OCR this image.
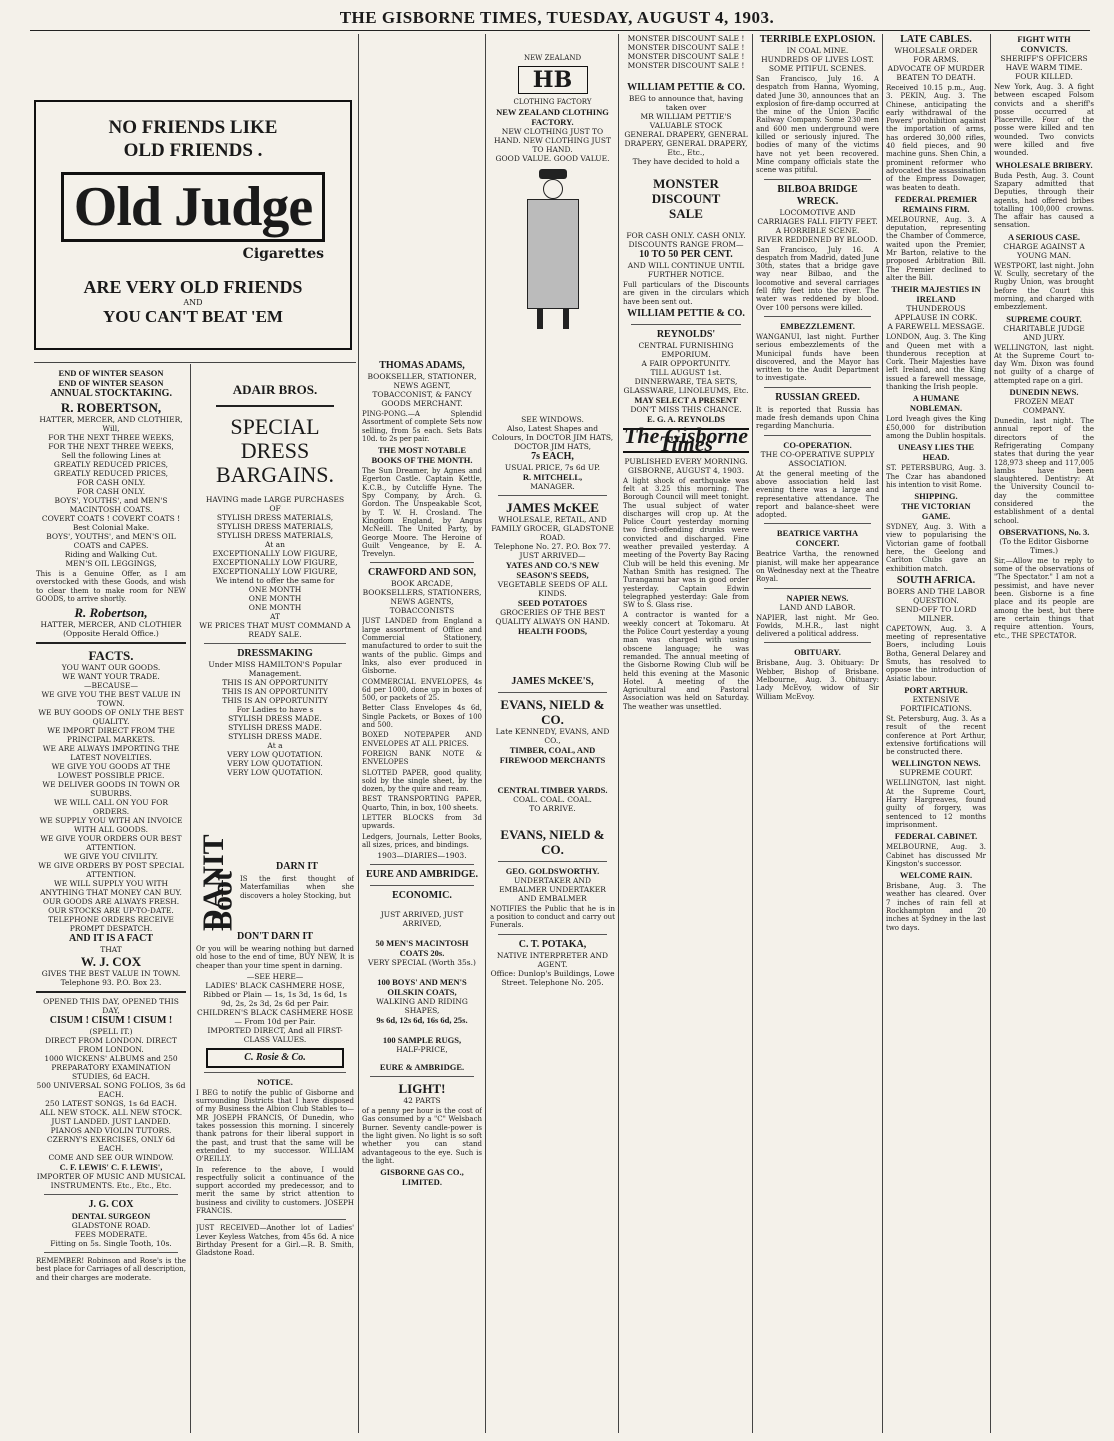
THE GISBORNE TIMES, TUESDAY, AUGUST 4, 1903.
NO FRIENDS LIKE
OLD FRIENDS .
Old Judge
Cigarettes
ARE VERY OLD FRIENDS
AND
YOU CAN'T BEAT 'EM
END OF WINTER SEASON
END OF WINTER SEASON
ANNUAL STOCKTAKING.
R. ROBERTSON,

HATTER, MERCER, AND CLOTHIER,

Will,

FOR THE NEXT THREE WEEKS,

FOR THE NEXT THREE WEEKS,

Sell the following Lines at

GREATLY REDUCED PRICES,

GREATLY REDUCED PRICES,

FOR CASH ONLY.

FOR CASH ONLY.

BOYS', YOUTHS', and MEN'S MACINTOSH COATS.

COVERT COATS ! COVERT COATS !

Best Colonial Make.

BOYS', YOUTHS', and MEN'S OIL COATS and CAPES.

Riding and Walking Cut.

MEN'S OIL LEGGINGS,

This is a Genuine Offer, as I am overstocked with these Goods, and wish to clear them to make room for NEW GOODS, to arrive shortly.

R. Robertson,

HATTER, MERCER, AND CLOTHIER

(Opposite Herald Office.)

FACTS.

YOU WANT OUR GOODS.

WE WANT YOUR TRADE.

—BECAUSE—

WE GIVE YOU THE BEST VALUE IN TOWN.

WE BUY GOODS OF ONLY THE BEST QUALITY.

WE IMPORT DIRECT FROM THE PRINCIPAL MARKETS.

WE ARE ALWAYS IMPORTING THE LATEST NOVELTIES.

WE GIVE YOU GOODS AT THE LOWEST POSSIBLE PRICE.

WE DELIVER GOODS IN TOWN OR SUBURBS.

WE WILL CALL ON YOU FOR ORDERS.

WE SUPPLY YOU WITH AN INVOICE WITH ALL GOODS.

WE GIVE YOUR ORDERS OUR BEST ATTENTION.

WE GIVE YOU CIVILITY.

WE GIVE ORDERS BY POST SPECIAL ATTENTION.

WE WILL SUPPLY YOU WITH ANYTHING THAT MONEY CAN BUY.

OUR GOODS ARE ALWAYS FRESH.

OUR STOCKS ARE UP-TO-DATE.

TELEPHONE ORDERS RECEIVE PROMPT DESPATCH.

AND IT IS A FACT

THAT

W. J. COX

GIVES THE BEST VALUE IN TOWN.

Telephone 93. P.O. Box 23.

OPENED THIS DAY, OPENED THIS DAY,

CISUM ! CISUM ! CISUM !

(SPELL IT.)

DIRECT FROM LONDON. DIRECT FROM LONDON.

1000 WICKENS' ALBUMS and 250 PREPARATORY EXAMINATION STUDIES, 6d EACH.

500 UNIVERSAL SONG FOLIOS, 3s 6d EACH.

250 LATEST SONGS, 1s 6d EACH.

ALL NEW STOCK. ALL NEW STOCK. JUST LANDED. JUST LANDED.

PIANOS AND VIOLIN TUTORS. CZERNY'S EXERCISES, ONLY 6d EACH.

COME AND SEE OUR WINDOW.

C. F. LEWIS' C. F. LEWIS',

IMPORTER OF MUSIC AND MUSICAL INSTRUMENTS. Etc., Etc., Etc.

J. G. COX
DENTAL SURGEON

GLADSTONE ROAD.

FEES MODERATE.

Fitting on 5s. Single Tooth, 10s.

REMEMBER! Robinson and Rose's is the best place for Carriages of all description, and their charges are moderate.

ADAIR BROS.
SPECIAL
DRESS
BARGAINS.

HAVING made LARGE PURCHASES

OF

STYLISH DRESS MATERIALS,

STYLISH DRESS MATERIALS,

STYLISH DRESS MATERIALS,

At an

EXCEPTIONALLY LOW FIGURE,

EXCEPTIONALLY LOW FIGURE,

EXCEPTIONALLY LOW FIGURE,

We intend to offer the same for

ONE MONTH

ONE MONTH

ONE MONTH

AT

WE PRICES THAT MUST COMMAND A READY SALE.

DRESSMAKING

Under MISS HAMILTON'S Popular Management.

THIS IS AN OPPORTUNITY

THIS IS AN OPPORTUNITY

THIS IS AN OPPORTUNITY

For Ladies to have s

STYLISH DRESS MADE.

STYLISH DRESS MADE.

STYLISH DRESS MADE.

At a

VERY LOW QUOTATION.

VERY LOW QUOTATION.

VERY LOW QUOTATION.

DANIT Boot
DARN IT

IS the first thought of Materfamilias when she discovers a holey Stocking, but

DON'T DARN IT

Or you will be wearing nothing but darned old hose to the end of time, BUY NEW, It is cheaper than your time spent in darning.

—SEE HERE—

LADIES' BLACK CASHMERE HOSE, Ribbed or Plain — 1s, 1s 3d, 1s 6d, 1s 9d, 2s, 2s 3d, 2s 6d per Pair.

CHILDREN'S BLACK CASHMERE HOSE— From 10d per Pair.

IMPORTED DIRECT, And all FIRST-CLASS VALUES.

C. Rosie & Co.
NOTICE.

I BEG to notify the public of Gisborne and surrounding Districts that I have disposed of my Business the Albion Club Stables to— MR JOSEPH FRANCIS, Of Dunedin, who takes possession this morning. I sincerely thank patrons for their liberal support in the past, and trust that the same will be extended to my successor. WILLIAM O'REILLY.

In reference to the above, I would respectfully solicit a continuance of the support accorded my predecessor, and to merit the same by strict attention to business and civility to customers. JOSEPH FRANCIS.

JUST RECEIVED—Another lot of Ladies' Lever Keyless Watches, from 45s 6d. A nice Birthday Present for a Girl.—R. B. Smith, Gladstone Road.

THOMAS ADAMS,

BOOKSELLER, STATIONER, NEWS AGENT, TOBACCONIST, & FANCY GOODS MERCHANT.

PING-PONG.—A Splendid Assortment of complete Sets now selling, from 5s each. Sets Bats 10d. to 2s per pair.

THE MOST NOTABLE BOOKS OF THE MONTH.

The Sun Dreamer, by Agnes and Egerton Castle. Captain Kettle, K.C.B., by Cutcliffe Hyne. The Spy Company, by Arch. G. Gordon. The Unspeakable Scot, by T. W. H. Crosland. The Kingdom England, by Angus McNeill. The United Party, by George Moore. The Heroine of Guilt Vengeance, by E. A. Trevelyn.

CRAWFORD AND SON,

BOOK ARCADE, BOOKSELLERS, STATIONERS, NEWS AGENTS, TOBACCONISTS

JUST LANDED from England a large assortment of Office and Commercial Stationery, manufactured to order to suit the wants of the public. Gimps and Inks, also ever produced in Gisborne.

COMMERCIAL ENVELOPES, 4s 6d per 1000, done up in boxes of 500, or packets of 25.

Better Class Envelopes 4s 6d, Single Packets, or Boxes of 100 and 500.

BOXED NOTEPAPER AND ENVELOPES AT ALL PRICES.

FOREIGN BANK NOTE & ENVELOPES

SLOTTED PAPER, good quality, sold by the single sheet, by the dozen, by the quire and ream.

BEST TRANSPORTING PAPER, Quarto, Thin, in box, 100 sheets.

LETTER BLOCKS from 3d upwards.

Ledgers, Journals, Letter Books, all sizes, prices, and bindings.

1903—DIARIES—1903.

EURE AND AMBRIDGE.
ECONOMIC.

JUST ARRIVED, JUST ARRIVED,

50 MEN'S MACINTOSH COATS 20s.

VERY SPECIAL (Worth 35s.)

100 BOYS' AND MEN'S OILSKIN COATS,

WALKING AND RIDING SHAPES,

9s 6d, 12s 6d, 16s 6d, 25s.
100 SAMPLE RUGS,

HALF-PRICE,

EURE & AMBRIDGE.
LIGHT!

42 PARTS

of a penny per hour is the cost of Gas consumed by a "C" Welsbach Burner. Seventy candle-power is the light given. No light is so soft whether you can stand advantageous to the eye. Such is the light.

GISBORNE GAS CO., LIMITED.
NEW ZEALAND
HB
CLOTHING FACTORY
NEW ZEALAND CLOTHING FACTORY.

NEW CLOTHING JUST TO HAND. NEW CLOTHING JUST TO HAND.

GOOD VALUE. GOOD VALUE.

SEE WINDOWS.

Also, Latest Shapes and Colours, In DOCTOR JIM HATS, DOCTOR JIM HATS,

7s EACH,

USUAL PRICE, 7s 6d UP.

R. MITCHELL,

MANAGER.

JAMES McKEE

WHOLESALE, RETAIL, AND FAMILY GROCER, GLADSTONE ROAD.

Telephone No. 27. P.O. Box 77.

JUST ARRIVED—

YATES AND CO.'S NEW SEASON'S SEEDS,

VEGETABLE SEEDS OF ALL KINDS.

SEED POTATOES

GROCERIES OF THE BEST QUALITY ALWAYS ON HAND.

HEALTH FOODS,
JAMES McKEE'S,
EVANS, NIELD & CO.

Late KENNEDY, EVANS, AND CO.,

TIMBER, COAL, AND FIREWOOD MERCHANTS
CENTRAL TIMBER YARDS.

COAL. COAL. COAL.

TO ARRIVE.

EVANS, NIELD & CO.
GEO. GOLDSWORTHY.

UNDERTAKER AND EMBALMER UNDERTAKER AND EMBALMER

NOTIFIES the Public that he is in a position to conduct and carry out Funerals.

C. T. POTAKA,

NATIVE INTERPRETER AND AGENT.

Office: Dunlop's Buildings, Lowe Street. Telephone No. 205.

MONSTER DISCOUNT SALE ! MONSTER DISCOUNT SALE ! MONSTER DISCOUNT SALE ! MONSTER DISCOUNT SALE !

WILLIAM PETTIE & CO.

BEG to announce that, having taken over

MR WILLIAM PETTIE'S VALUABLE STOCK

GENERAL DRAPERY, GENERAL DRAPERY, GENERAL DRAPERY,

Etc., Etc.,

They have decided to hold a

MONSTER DISCOUNT
SALE

FOR CASH ONLY. CASH ONLY.

DISCOUNTS RANGE FROM—

10 TO 50 PER CENT.

AND WILL CONTINUE UNTIL FURTHER NOTICE.

Full particulars of the Discounts are given in the circulars which have been sent out.

WILLIAM PETTIE & CO.
REYNOLDS'

CENTRAL FURNISHING EMPORIUM.

A FAIR OPPORTUNITY.

TILL AUGUST 1st.

DINNERWARE, TEA SETS, GLASSWARE, LINOLEUMS, Etc.

MAY SELECT A PRESENT

DON'T MISS THIS CHANCE.

E. G. A. REYNOLDS
The Gisborne Times

PUBLISHED EVERY MORNING.

GISBORNE, AUGUST 4, 1903.

A light shock of earthquake was felt at 3.25 this morning. The Borough Council will meet tonight. The usual subject of water discharges will crop up. At the Police Court yesterday morning two first-offending drunks were convicted and discharged. Fine weather prevailed yesterday. A meeting of the Poverty Bay Racing Club will be held this evening. Mr Nathan Smith has resigned. The Turanganui bar was in good order yesterday. Captain Edwin telegraphed yesterday: Gale from SW to S. Glass rise.

A contractor is wanted for a weekly concert at Tokomaru. At the Police Court yesterday a young man was charged with using obscene language; he was remanded. The annual meeting of the Gisborne Rowing Club will be held this evening at the Masonic Hotel. A meeting of the Agricultural and Pastoral Association was held on Saturday. The weather was unsettled.

TERRIBLE EXPLOSION.

IN COAL MINE.

HUNDREDS OF LIVES LOST.

SOME PITIFUL SCENES.

San Francisco, July 16. A despatch from Hanna, Wyoming, dated June 30, announces that an explosion of fire-damp occurred at the mine of the Union Pacific Railway Company. Some 230 men and 600 men underground were killed or seriously injured. The bodies of many of the victims have not yet been recovered. Mine company officials state the scene was pitiful.

BILBOA BRIDGE WRECK.

LOCOMOTIVE AND CARRIAGES FALL FIFTY FEET.

A HORRIBLE SCENE.

RIVER REDDENED BY BLOOD.

San Francisco, July 16. A despatch from Madrid, dated June 30th, states that a bridge gave way near Bilbao, and the locomotive and several carriages fell fifty feet into the river. The water was reddened by blood. Over 100 persons were killed.

EMBEZZLEMENT.

WANGANUI, last night. Further serious embezzlements of the Municipal funds have been discovered, and the Mayor has written to the Audit Department to investigate.

RUSSIAN GREED.

It is reported that Russia has made fresh demands upon China regarding Manchuria.

CO-OPERATION.

THE CO-OPERATIVE SUPPLY ASSOCIATION.

At the general meeting of the above association held last evening there was a large and representative attendance. The report and balance-sheet were adopted.

BEATRICE VARTHA CONCERT.

Beatrice Vartha, the renowned pianist, will make her appearance on Wednesday next at the Theatre Royal.

NAPIER NEWS.

LAND AND LABOR.

NAPIER, last night. Mr Geo. Fowlds, M.H.R., last night delivered a political address.

OBITUARY.

Brisbane, Aug. 3. Obituary: Dr Webber, Bishop of Brisbane. Melbourne, Aug. 3. Obituary: Lady McEvoy, widow of Sir William McEvoy.

LATE CABLES.

WHOLESALE ORDER FOR ARMS.

ADVOCATE OF MURDER BEATEN TO DEATH.

Received 10.15 p.m., Aug. 3. PEKIN, Aug. 3. The Chinese, anticipating the early withdrawal of the Powers' prohibition against the importation of arms, has ordered 30,000 rifles, 40 field pieces, and 90 machine guns. Shen Chin, a prominent reformer who advocated the assassination of the Empress Dowager, was beaten to death.

FEDERAL PREMIER REMAINS FIRM.

MELBOURNE, Aug. 3. A deputation, representing the Chamber of Commerce, waited upon the Premier, Mr Barton, relative to the proposed Arbitration Bill. The Premier declined to alter the Bill.

THEIR MAJESTIES IN IRELAND

THUNDEROUS APPLAUSE IN CORK.

A FAREWELL MESSAGE.

LONDON, Aug. 3. The King and Queen met with a thunderous reception at Cork. Their Majesties have left Ireland, and the King issued a farewell message, thanking the Irish people.

A HUMANE NOBLEMAN.

Lord Iveagh gives the King £50,000 for distribution among the Dublin hospitals.

UNEASY LIES THE HEAD.

ST. PETERSBURG, Aug. 3. The Czar has abandoned his intention to visit Rome.

SHIPPING.
THE VICTORIAN GAME.

SYDNEY, Aug. 3. With a view to popularising the Victorian game of football here, the Geelong and Carlton Clubs gave an exhibition match.

SOUTH AFRICA.

BOERS AND THE LABOR QUESTION.

SEND-OFF TO LORD MILNER.

CAPETOWN, Aug. 3. A meeting of representative Boers, including Louis Botha, General Delarey and Smuts, has resolved to oppose the introduction of Asiatic labour.

PORT ARTHUR.

EXTENSIVE FORTIFICATIONS.

St. Petersburg, Aug. 3. As a result of the recent conference at Port Arthur, extensive fortifications will be constructed there.

WELLINGTON NEWS.

SUPREME COURT.

WELLINGTON, last night. At the Supreme Court, Harry Hargreaves, found guilty of forgery, was sentenced to 12 months imprisonment.

FEDERAL CABINET.

MELBOURNE, Aug. 3. Cabinet has discussed Mr Kingston's successor.

WELCOME RAIN.

Brisbane, Aug. 3. The weather has cleared. Over 7 inches of rain fell at Rockhampton and 20 inches at Sydney in the last two days.

FIGHT WITH CONVICTS.

SHERIFF'S OFFICERS HAVE WARM TIME.

FOUR KILLED.

New York, Aug. 3. A fight between escaped Folsom convicts and a sheriff's posse occurred at Placerville. Four of the posse were killed and ten wounded. Two convicts were killed and five wounded.

WHOLESALE BRIBERY.

Buda Pesth, Aug. 3. Count Szapary admitted that Deputies, through their agents, had offered bribes totalling 100,000 crowns. The affair has caused a sensation.

A SERIOUS CASE.

CHARGE AGAINST A YOUNG MAN.

WESTPORT, last night. John W. Scully, secretary of the Rugby Union, was brought before the Court this morning, and charged with embezzlement.

SUPREME COURT.

CHARITABLE JUDGE AND JURY.

WELLINGTON, last night. At the Supreme Court to-day Wm. Dixon was found not guilty of a charge of attempted rape on a girl.

DUNEDIN NEWS.

FROZEN MEAT COMPANY.

Dunedin, last night. The annual report of the directors of the Refrigerating Company states that during the year 128,973 sheep and 117,005 lambs have been slaughtered. Dentistry: At the University Council to-day the committee considered the establishment of a dental school.

OBSERVATIONS, No. 3.

(To the Editor Gisborne Times.)

Sir,—Allow me to reply to some of the observations of "The Spectator." I am not a pessimist, and have never been. Gisborne is a fine place and its people are among the best, but there are certain things that require attention. Yours, etc., THE SPECTATOR.
